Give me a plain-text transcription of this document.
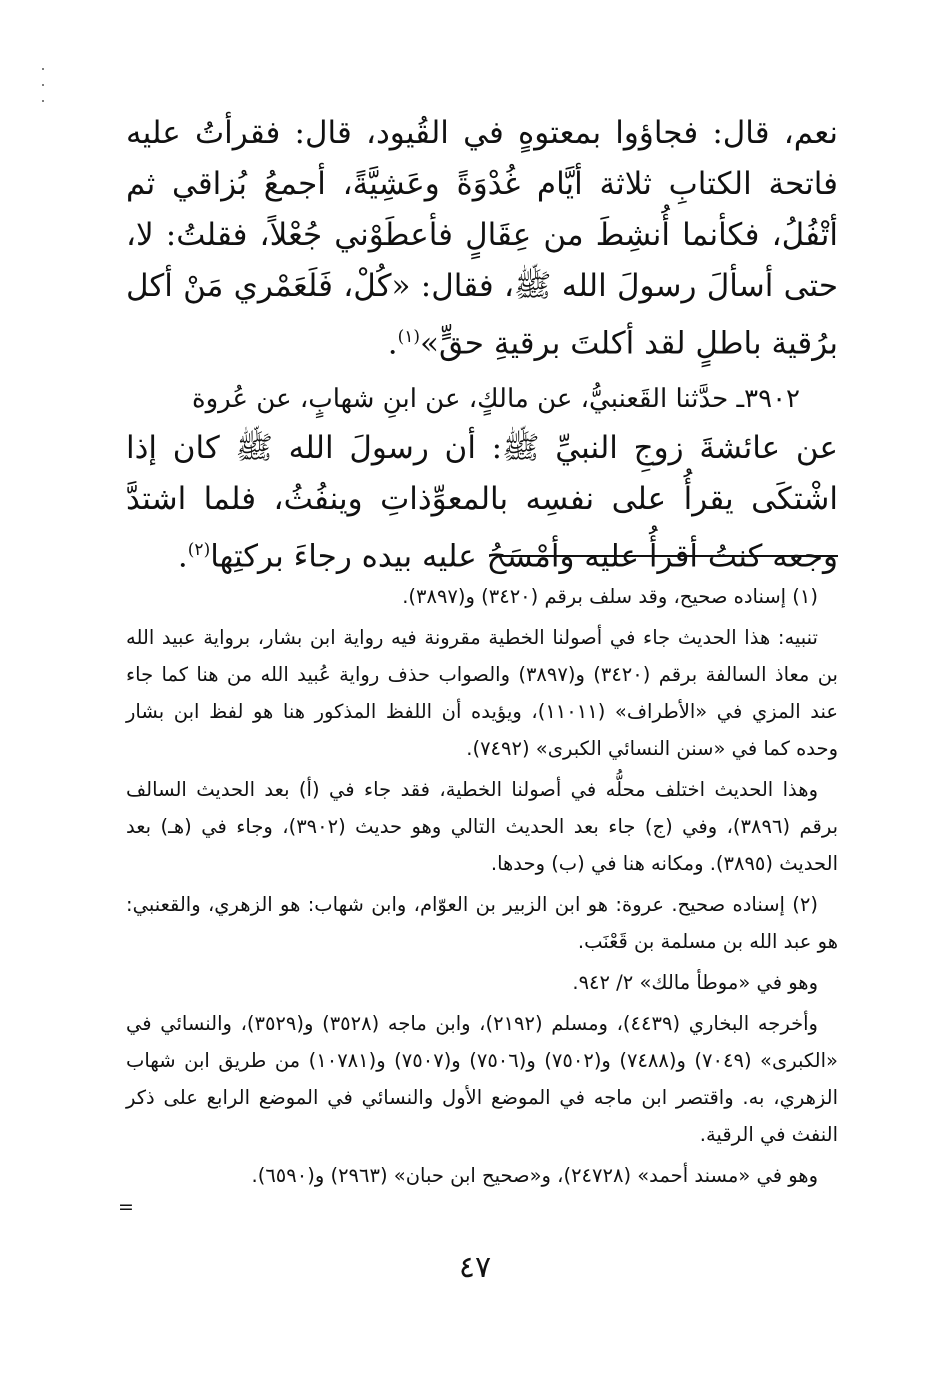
نعم، قال: فجاؤوا بمعتوهٍ في القُيود، قال: فقرأتُ عليه فاتحة الكتابِ ثلاثة أيَّام غُدْوَةً وعَشِيَّةً، أجمعُ بُزاقي ثم أتْفُلُ، فكأنما أُنشِطَ من عِقَالٍ فأعطَوْني جُعْلاً، فقلتُ: لا، حتى أسألَ رسولَ الله ﷺ، فقال: «كُلْ، فَلَعَمْري مَنْ أكل برُقية باطلٍ لقد أكلتَ برقيةِ حقٍّ»$^{(١)}$.

٣٩٠٢ـ حدَّثنا القَعنبيُّ، عن مالكٍ، عن ابنِ شهابٍ، عن عُروة

عن عائشةَ زوجِ النبيِّ ﷺ: أن رسولَ الله ﷺ كان إذا اشْتكَى يقرأُ على نفسِه بالمعوِّذاتِ وينفُثُ، فلما اشتدَّ وجعه كنتُ أقرأُ عليه وأمْسَحُ عليه بيده رجاءَ بركتِها$^{(٢)}$.

(١) إسناده صحيح، وقد سلف برقم (٣٤٢٠) و(٣٨٩٧).

تنبيه: هذا الحديث جاء في أصولنا الخطية مقرونة فيه رواية ابن بشار، برواية عبيد الله بن معاذ السالفة برقم (٣٤٢٠) و(٣٨٩٧) والصواب حذف رواية عُبيد الله من هنا كما جاء عند المزي في «الأطراف» (١١٠١١)، ويؤيده أن اللفظ المذكور هنا هو لفظ ابن بشار وحده كما في «سنن النسائي الكبرى» (٧٤٩٢).

وهذا الحديث اختلف محلُّه في أصولنا الخطية، فقد جاء في (أ) بعد الحديث السالف برقم (٣٨٩٦)، وفي (ج) جاء بعد الحديث التالي وهو حديث (٣٩٠٢)، وجاء في (هـ) بعد الحديث (٣٨٩٥). ومكانه هنا في (ب) وحدها.

(٢) إسناده صحيح. عروة: هو ابن الزبير بن العوّام، وابن شهاب: هو الزهري، والقعنبي: هو عبد الله بن مسلمة بن قَعْنَب.

وهو في «موطأ مالك» ٢/ ٩٤٢.

وأخرجه البخاري (٤٤٣٩)، ومسلم (٢١٩٢)، وابن ماجه (٣٥٢٨) و(٣٥٢٩)، والنسائي في «الكبرى» (٧٠٤٩) و(٧٤٨٨) و(٧٥٠٢) و(٧٥٠٦) و(٧٥٠٧) و(١٠٧٨١) من طريق ابن شهاب الزهري، به. واقتصر ابن ماجه في الموضع الأول والنسائي في الموضع الرابع على ذكر النفث في الرقية.

وهو في «مسند أحمد» (٢٤٧٢٨)، و«صحيح ابن حبان» (٢٩٦٣) و(٦٥٩٠).

=
٤٧
